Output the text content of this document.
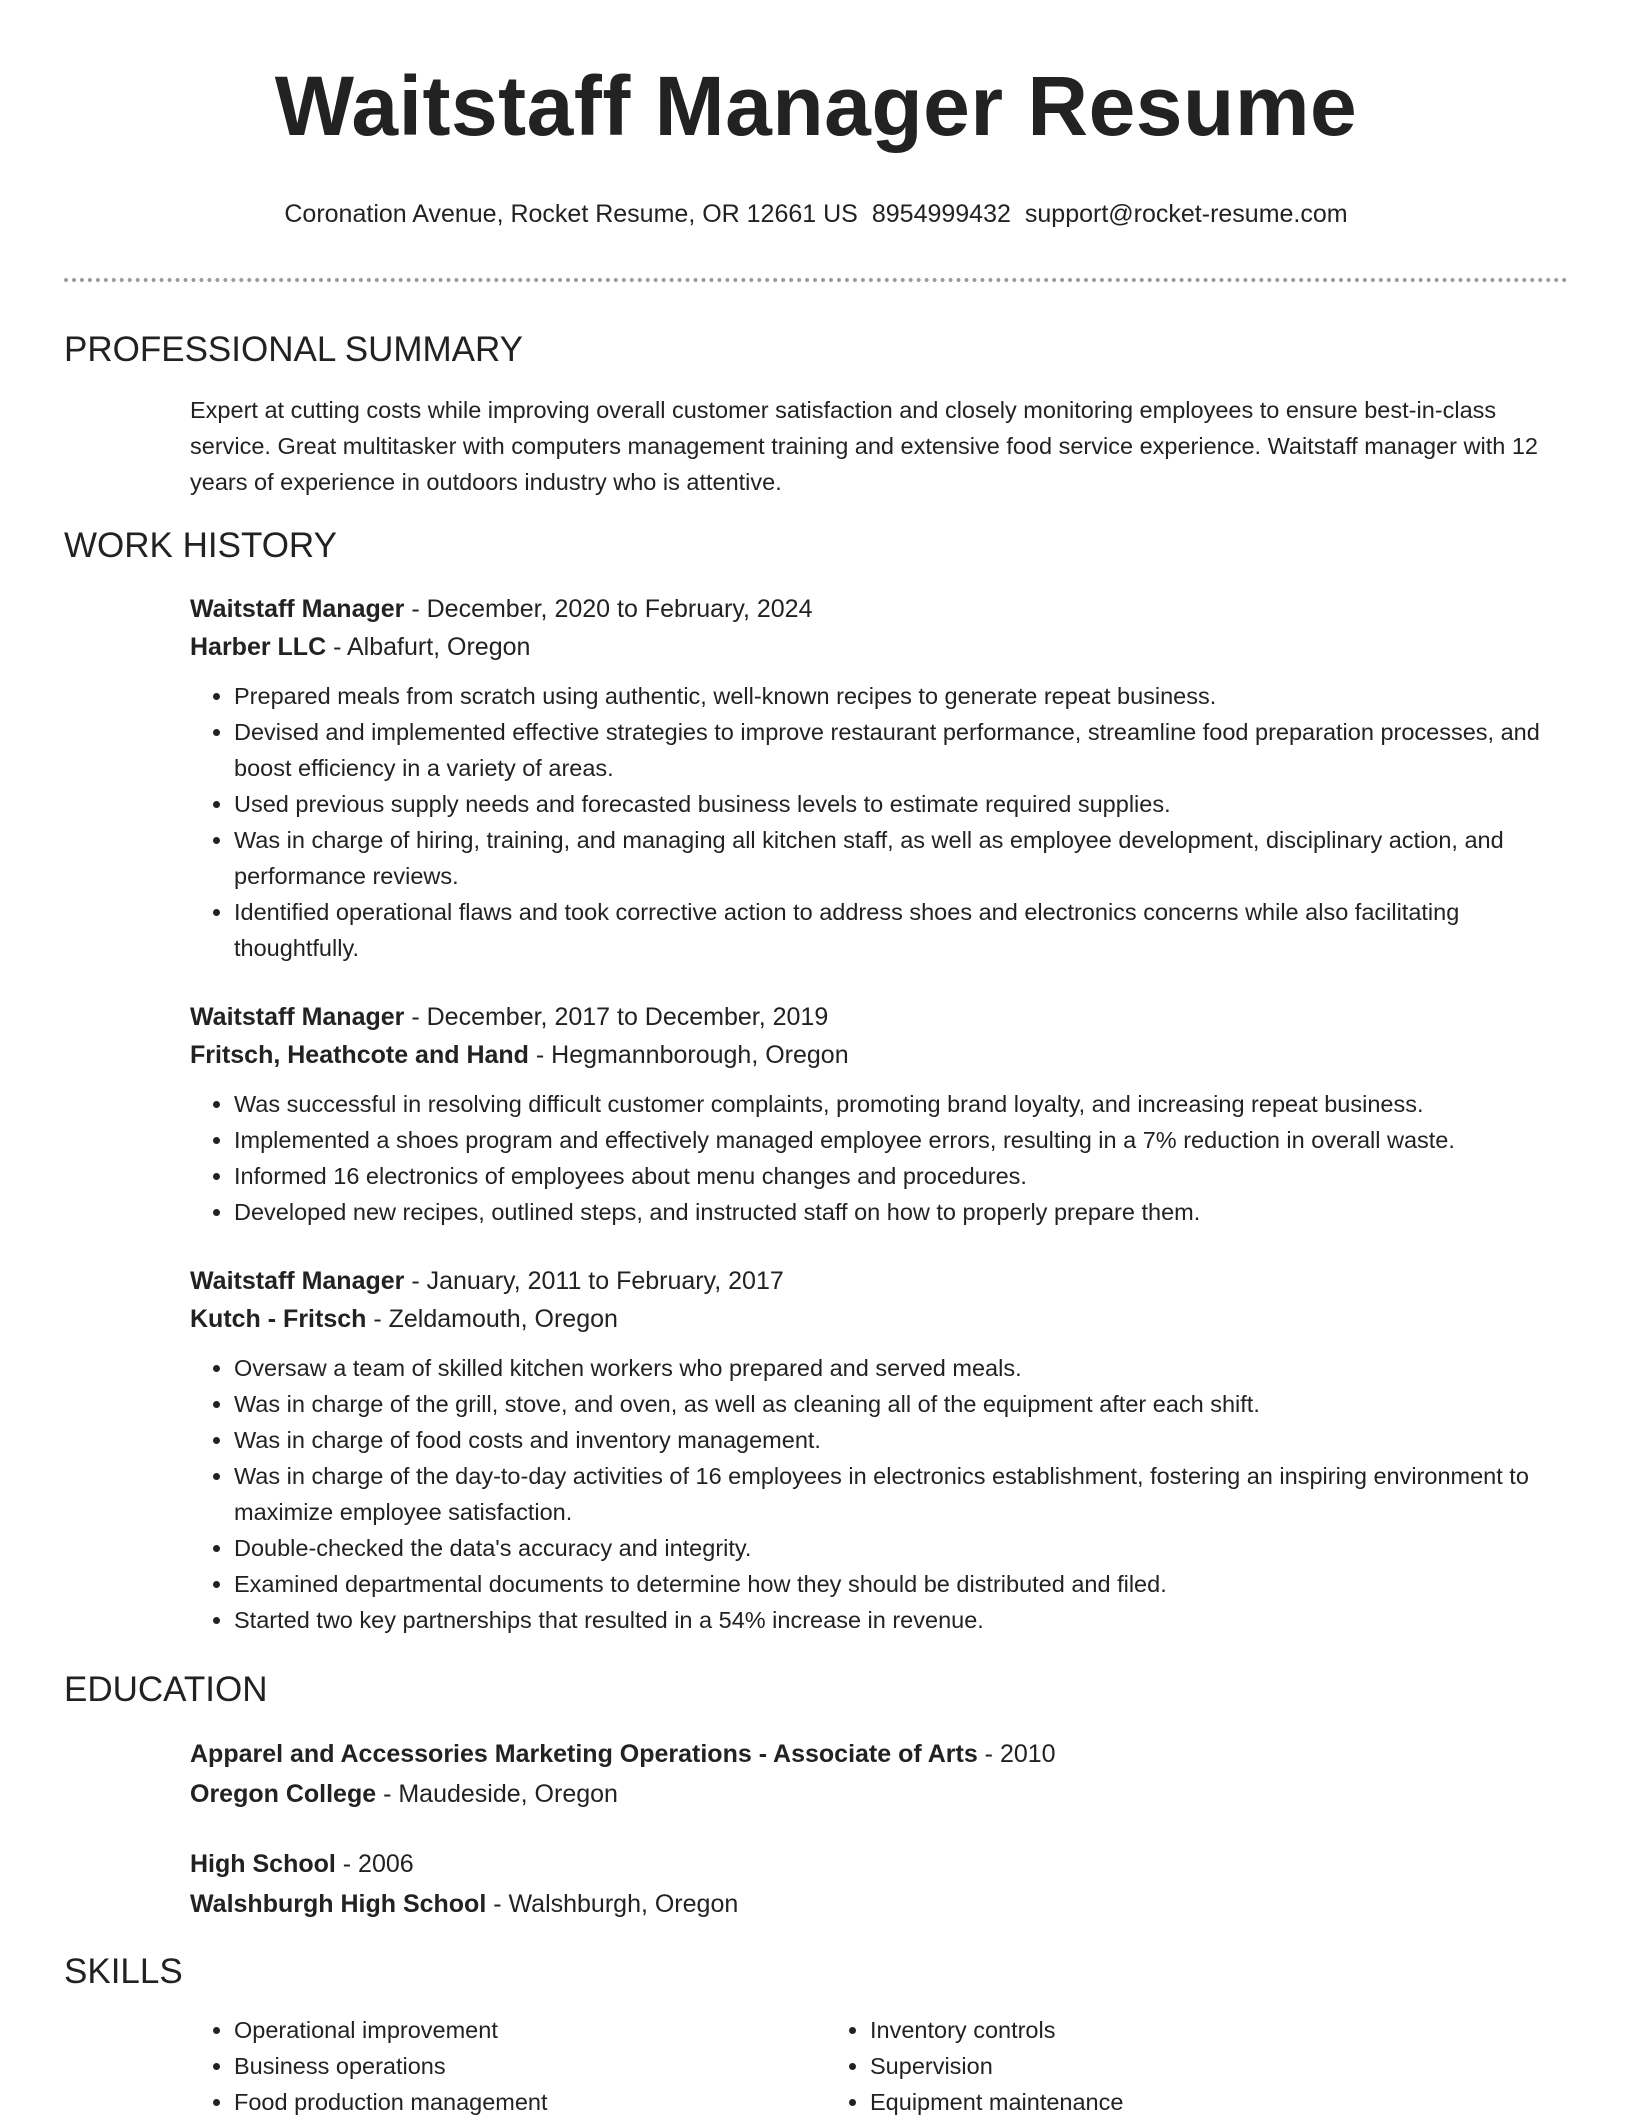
Waitstaff Manager Resume
Coronation Avenue, Rocket Resume, OR 12661 US 8954999432 support@rocket-resume.com
PROFESSIONAL SUMMARY

Expert at cutting costs while improving overall customer satisfaction and closely monitoring employees to ensure best-in-class service. Great multitasker with computers management training and extensive food service experience. Waitstaff manager with 12 years of experience in outdoors industry who is attentive.

WORK HISTORY
Waitstaff Manager - December, 2020 to February, 2024
Harber LLC - Albafurt, Oregon
• Prepared meals from scratch using authentic, well-known recipes to generate repeat business.
• Devised and implemented effective strategies to improve restaurant performance, streamline food preparation processes, and boost efficiency in a variety of areas.
• Used previous supply needs and forecasted business levels to estimate required supplies.
• Was in charge of hiring, training, and managing all kitchen staff, as well as employee development, disciplinary action, and performance reviews.
• Identified operational flaws and took corrective action to address shoes and electronics concerns while also facilitating thoughtfully.
Waitstaff Manager - December, 2017 to December, 2019
Fritsch, Heathcote and Hand - Hegmannborough, Oregon
• Was successful in resolving difficult customer complaints, promoting brand loyalty, and increasing repeat business.
• Implemented a shoes program and effectively managed employee errors, resulting in a 7% reduction in overall waste.
• Informed 16 electronics of employees about menu changes and procedures.
• Developed new recipes, outlined steps, and instructed staff on how to properly prepare them.
Waitstaff Manager - January, 2011 to February, 2017
Kutch - Fritsch - Zeldamouth, Oregon
• Oversaw a team of skilled kitchen workers who prepared and served meals.
• Was in charge of the grill, stove, and oven, as well as cleaning all of the equipment after each shift.
• Was in charge of food costs and inventory management.
• Was in charge of the day-to-day activities of 16 employees in electronics establishment, fostering an inspiring environment to maximize employee satisfaction.
• Double-checked the data's accuracy and integrity.
• Examined departmental documents to determine how they should be distributed and filed.
• Started two key partnerships that resulted in a 54% increase in revenue.
EDUCATION
Apparel and Accessories Marketing Operations - Associate of Arts - 2010
Oregon College - Maudeside, Oregon
High School - 2006
Walshburgh High School - Walshburgh, Oregon
SKILLS
• Operational improvement
• Business operations
• Food production management
• Inventory controls
• Supervision
• Equipment maintenance
